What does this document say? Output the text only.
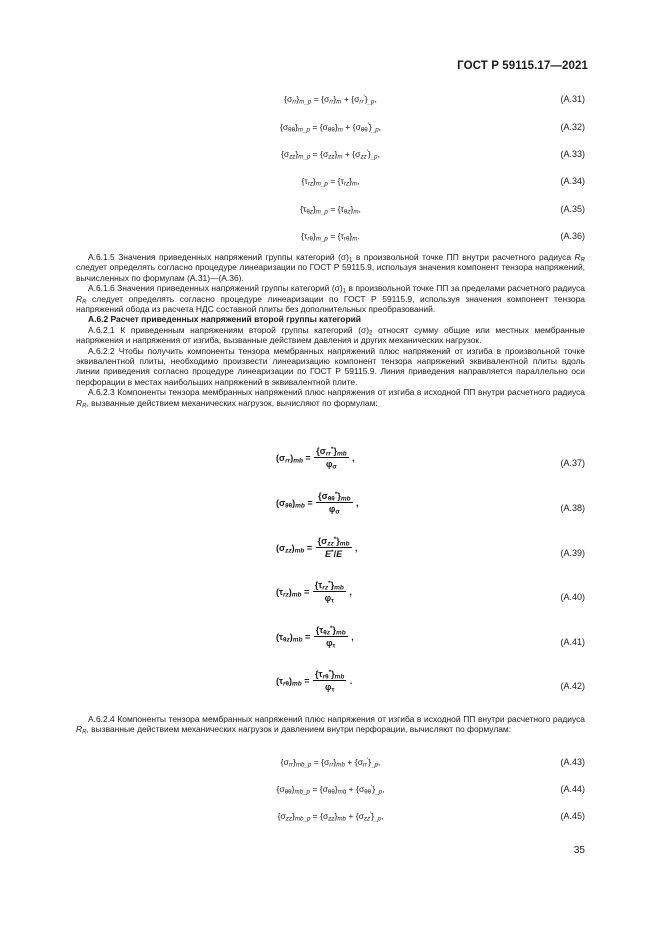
ГОСТ Р 59115.17—2021
$\{\sigma_{rr}\}_{m\_p} = \{\sigma_{rr}\}_m + \{\sigma_{rr}'\}_{\_p}$,	(А.31)
$\{\sigma_{\theta\theta}\}_{m\_p} = \{\sigma_{\theta\theta}\}_m + \{\sigma_{\theta\theta}'\}_{\_p}$,	(А.32)
$\{\sigma_{zz}\}_{m\_p} = \{\sigma_{zz}\}_m + \{\sigma_{zz}'\}_{\_p}$,	(А.33)
$\{\tau_{rz}\}_{m\_p} = \{\tau_{rz}\}_m$,	(А.34)
$\{\tau_{\theta z}\}_{m\_p} = \{\tau_{\theta z}\}_m$,	(А.35)
$\{\tau_{r\theta}\}_{m\_p} = \{\tau_{r\theta}\}_m$.	(А.36)

А.6.1.5 Значения приведенных напряжений группы категорий $(\sigma)_1$ в произвольной точке ПП внутри расчетного радиуса $R_R$ следует определять согласно процедуре линеаризации по ГОСТ Р 59115.9, используя значения компонент тензора напряжений, вычисленных по формулам (А.31)—(А.36).

А.6.1.6 Значения приведенных напряжений группы категорий $(\sigma)_1$ в произвольной точке ПП за пределами расчетного радиуса $R_R$ следует определять согласно процедуре линеаризации по ГОСТ Р 59115.9, используя значения компонент тензора напряжений обода из расчета НДС составной плиты без дополнительных преобразований.

А.6.2 Расчет приведенных напряжений второй группы категорий

А.6.2.1 К приведенным напряжениям второй группы категорий $(\sigma)_2$ относят сумму общие или местных мембранные напряжения и напряжения от изгиба, вызванные действием давления и других механических нагрузок.

А.6.2.2 Чтобы получить компоненты тензора мембранных напряжений плюс напряжений от изгиба в произвольной точке эквивалентной плиты, необходимо произвести линеаризацию компонент тензора напряжений эквивалентной плиты вдоль линии приведения согласно процедуре линеаризации по ГОСТ Р 59115.9. Линия приведения направляется параллельно оси перфорации в местах наибольших напряжений в эквивалентной плите.

А.6.2.3 Компоненты тензора мембранных напряжений плюс напряжения от изгиба в исходной ПП внутри расчетного радиуса $R_R$, вызванные действием механических нагрузок, вычисляют по формулам:

$(\sigma_{rr})_{mb} = \frac{\{\sigma_{rr}^*\}_{mb}}{\varphi_\sigma}$ ,
(А.37)
$(\sigma_{\theta\theta})_{mb} = \frac{\{\sigma_{\theta\theta}^*\}_{mb}}{\varphi_\sigma}$ ,
(А.38)
$(\sigma_{zz})_{mb} = \frac{\{\sigma_{zz}^*\}_{mb}}{E^*/E}$ ,
(А.39)
$(\tau_{rz})_{mb} = \frac{\{\tau_{rz}^*\}_{mb}}{\varphi_\tau}$ ,
(А.40)
$(\tau_{\theta z})_{mb} = \frac{\{\tau_{\theta z}^*\}_{mb}}{\varphi_\tau}$ ,
(А.41)
$(\tau_{r\theta})_{mb} = \frac{\{\tau_{r\theta}^*\}_{mb}}{\varphi_\tau}$ .
(А.42)

А.6.2.4 Компоненты тензора мембранных напряжений плюс напряжения от изгиба в исходной ПП внутри расчетного радиуса $R_R$, вызванные действием механических нагрузок и давлением внутри перфорации, вычисляют по формулам:

$\{\sigma_{rr}\}_{mb\_p} = \{\sigma_{rr}\}_{mb} + \{\sigma_{rr}'\}_{\_p}$,	(А.43)
$\{\sigma_{\theta\theta}\}_{mb\_p} = \{\sigma_{\theta\theta}\}_{mb} + \{\sigma_{\theta\theta}'\}_{\_p}$,	(А.44)
$\{\sigma_{zz}\}_{mb\_p} = \{\sigma_{zz}\}_{mb} + \{\sigma_{zz}'\}_{\_p}$,	(А.45)
35
